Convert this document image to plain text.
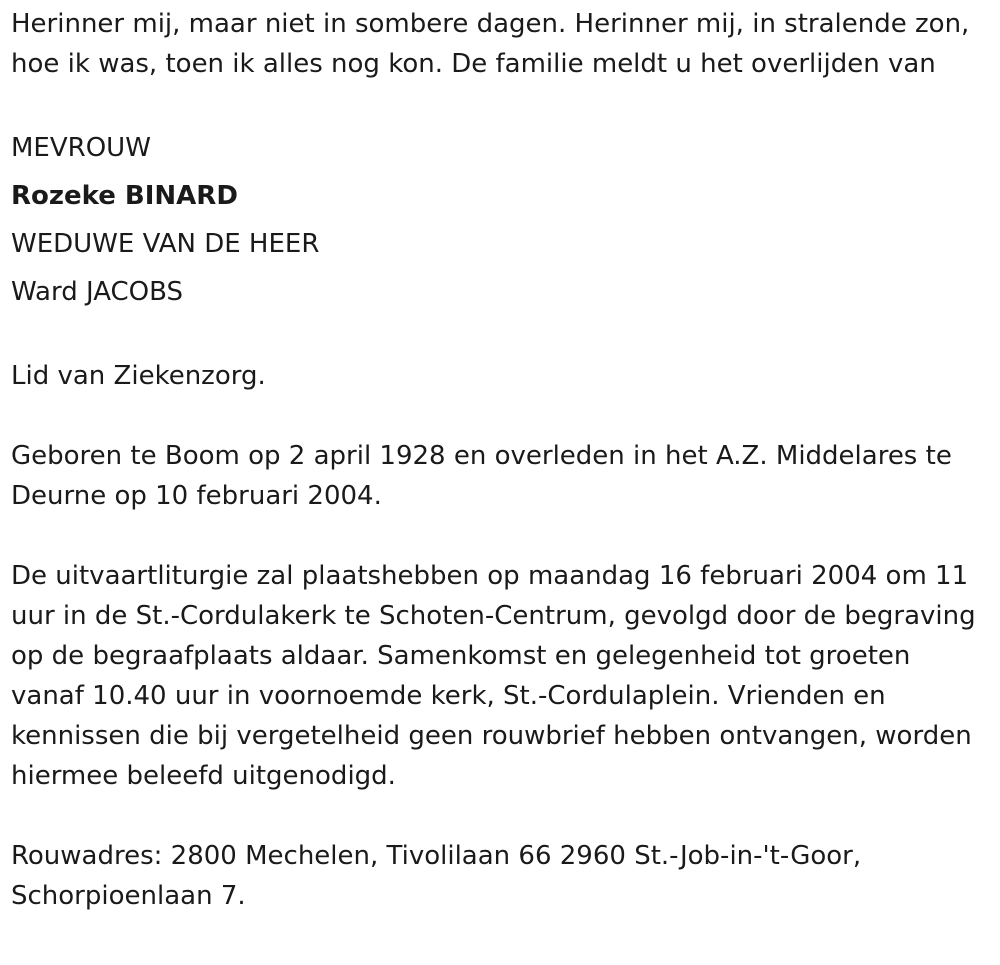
Herinner mij, maar niet in sombere dagen. Herinner mij, in stralende zon, hoe ik was, toen ik alles nog kon. De familie meldt u het overlijden van

MEVROUW

Rozeke BINARD

WEDUWE VAN DE HEER

Ward JACOBS

Lid van Ziekenzorg.

Geboren te Boom op 2 april 1928 en overleden in het A.Z. Middelares te Deurne op 10 februari 2004.

De uitvaartliturgie zal plaatshebben op maandag 16 februari 2004 om 11 uur in de St.-Cordulakerk te Schoten-Centrum, gevolgd door de begraving op de begraafplaats aldaar. Samenkomst en gelegenheid tot groeten vanaf 10.40 uur in voornoemde kerk, St.-Cordulaplein. Vrienden en kennissen die bij vergetelheid geen rouwbrief hebben ontvangen, worden hiermee beleefd uitgenodigd.

Rouwadres: 2800 Mechelen, Tivolilaan 66 2960 St.-Job-in-'t-Goor, Schorpioenlaan 7.
